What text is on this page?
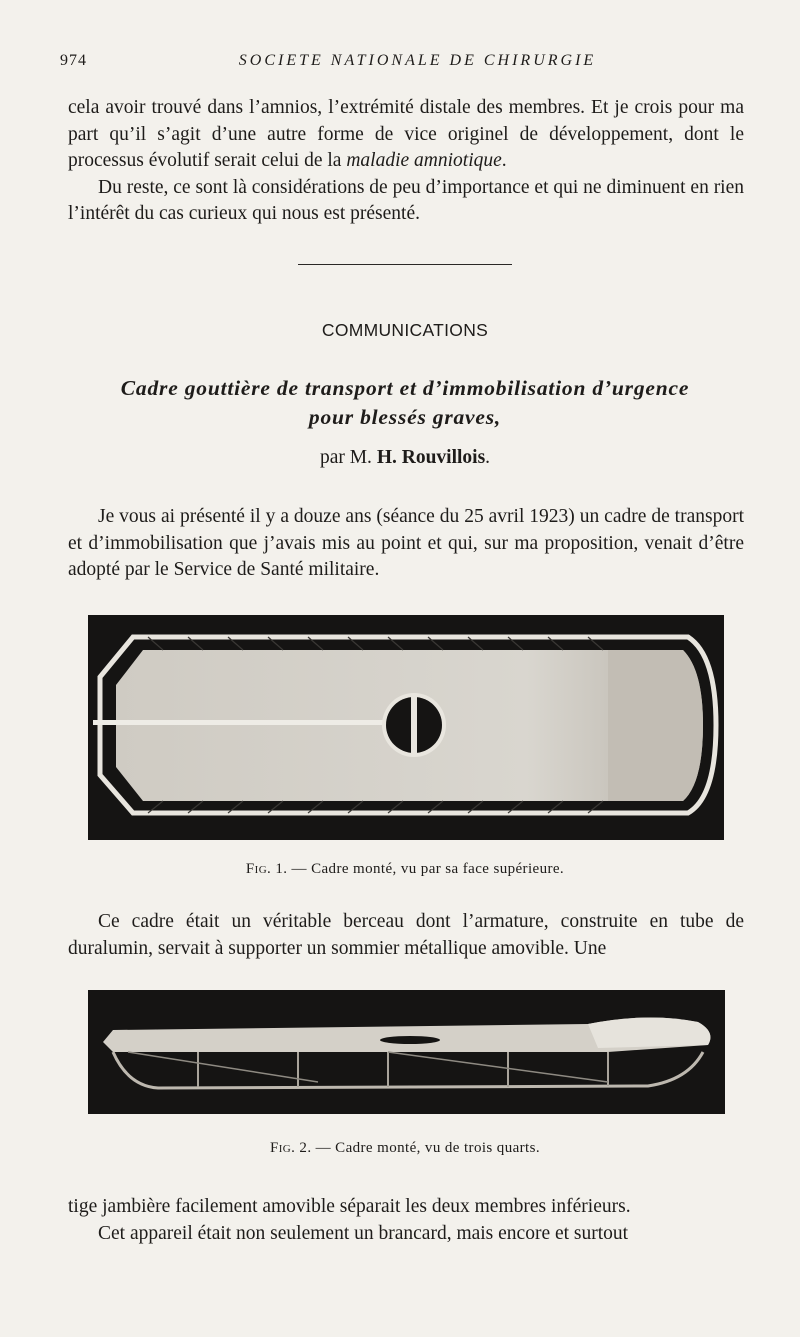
974	SOCIETE NATIONALE DE CHIRURGIE

cela avoir trouvé dans l’amnios, l’extrémité distale des membres. Et je crois pour ma part qu’il s’agit d’une autre forme de vice originel de développement, dont le processus évolutif serait celui de la maladie amniotique.

Du reste, ce sont là considérations de peu d’importance et qui ne diminuent en rien l’intérêt du cas curieux qui nous est présenté.

COMMUNICATIONS
Cadre gouttière de transport et d’immobilisation d’urgence
pour blessés graves,
par M. H. Rouvillois.

Je vous ai présenté il y a douze ans (séance du 25 avril 1923) un cadre de transport et d’immobilisation que j’avais mis au point et qui, sur ma proposition, venait d’être adopté par le Service de Santé militaire.

Fig. 1. — Cadre monté, vu par sa face supérieure.

Ce cadre était un véritable berceau dont l’armature, construite en tube de duralumin, servait à supporter un sommier métallique amovible. Une

Fig. 2. — Cadre monté, vu de trois quarts.

tige jambière facilement amovible séparait les deux membres inférieurs.

Cet appareil était non seulement un brancard, mais encore et surtout
